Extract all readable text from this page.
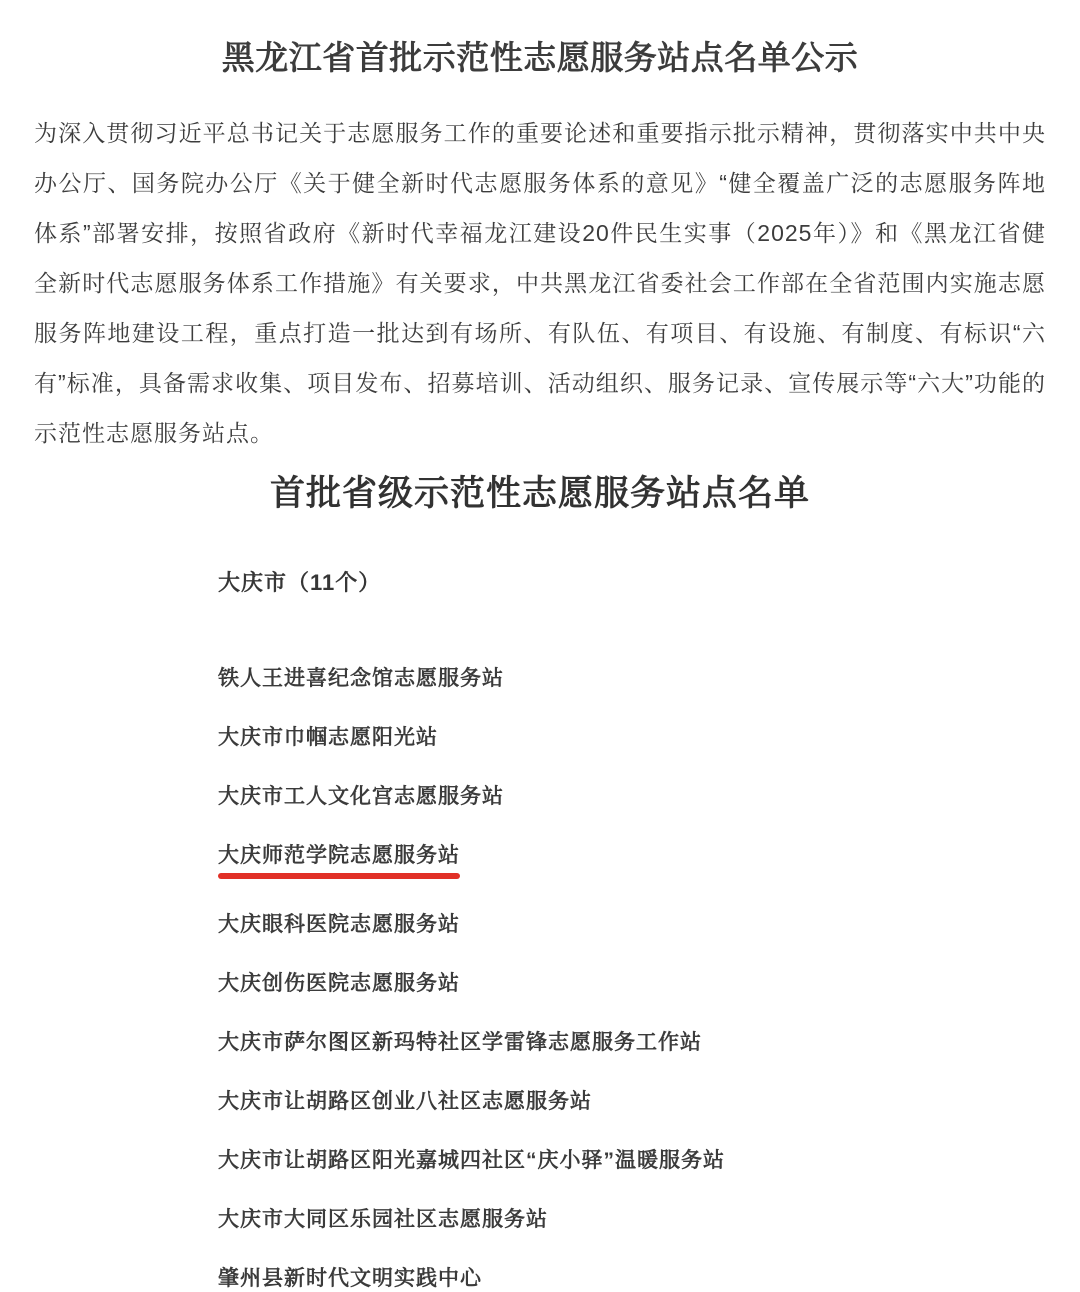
黑龙江省首批示范性志愿服务站点名单公示

为深入贯彻习近平总书记关于志愿服务工作的重要论述和重要指示批示精神，贯彻落实中共中央办公厅、国务院办公厅《关于健全新时代志愿服务体系的意见》“健全覆盖广泛的志愿服务阵地体系”部署安排，按照省政府《新时代幸福龙江建设20件民生实事（2025年）》和《黑龙江省健全新时代志愿服务体系工作措施》有关要求，中共黑龙江省委社会工作部在全省范围内实施志愿服务阵地建设工程，重点打造一批达到有场所、有队伍、有项目、有设施、有制度、有标识“六有”标准，具备需求收集、项目发布、招募培训、活动组织、服务记录、宣传展示等“六大”功能的示范性志愿服务站点。

首批省级示范性志愿服务站点名单
大庆市（11个）
铁人王进喜纪念馆志愿服务站
大庆市巾帼志愿阳光站
大庆市工人文化宫志愿服务站
大庆师范学院志愿服务站
大庆眼科医院志愿服务站
大庆创伤医院志愿服务站
大庆市萨尔图区新玛特社区学雷锋志愿服务工作站
大庆市让胡路区创业八社区志愿服务站
大庆市让胡路区阳光嘉城四社区“庆小驿”温暖服务站
大庆市大同区乐园社区志愿服务站
肇州县新时代文明实践中心
